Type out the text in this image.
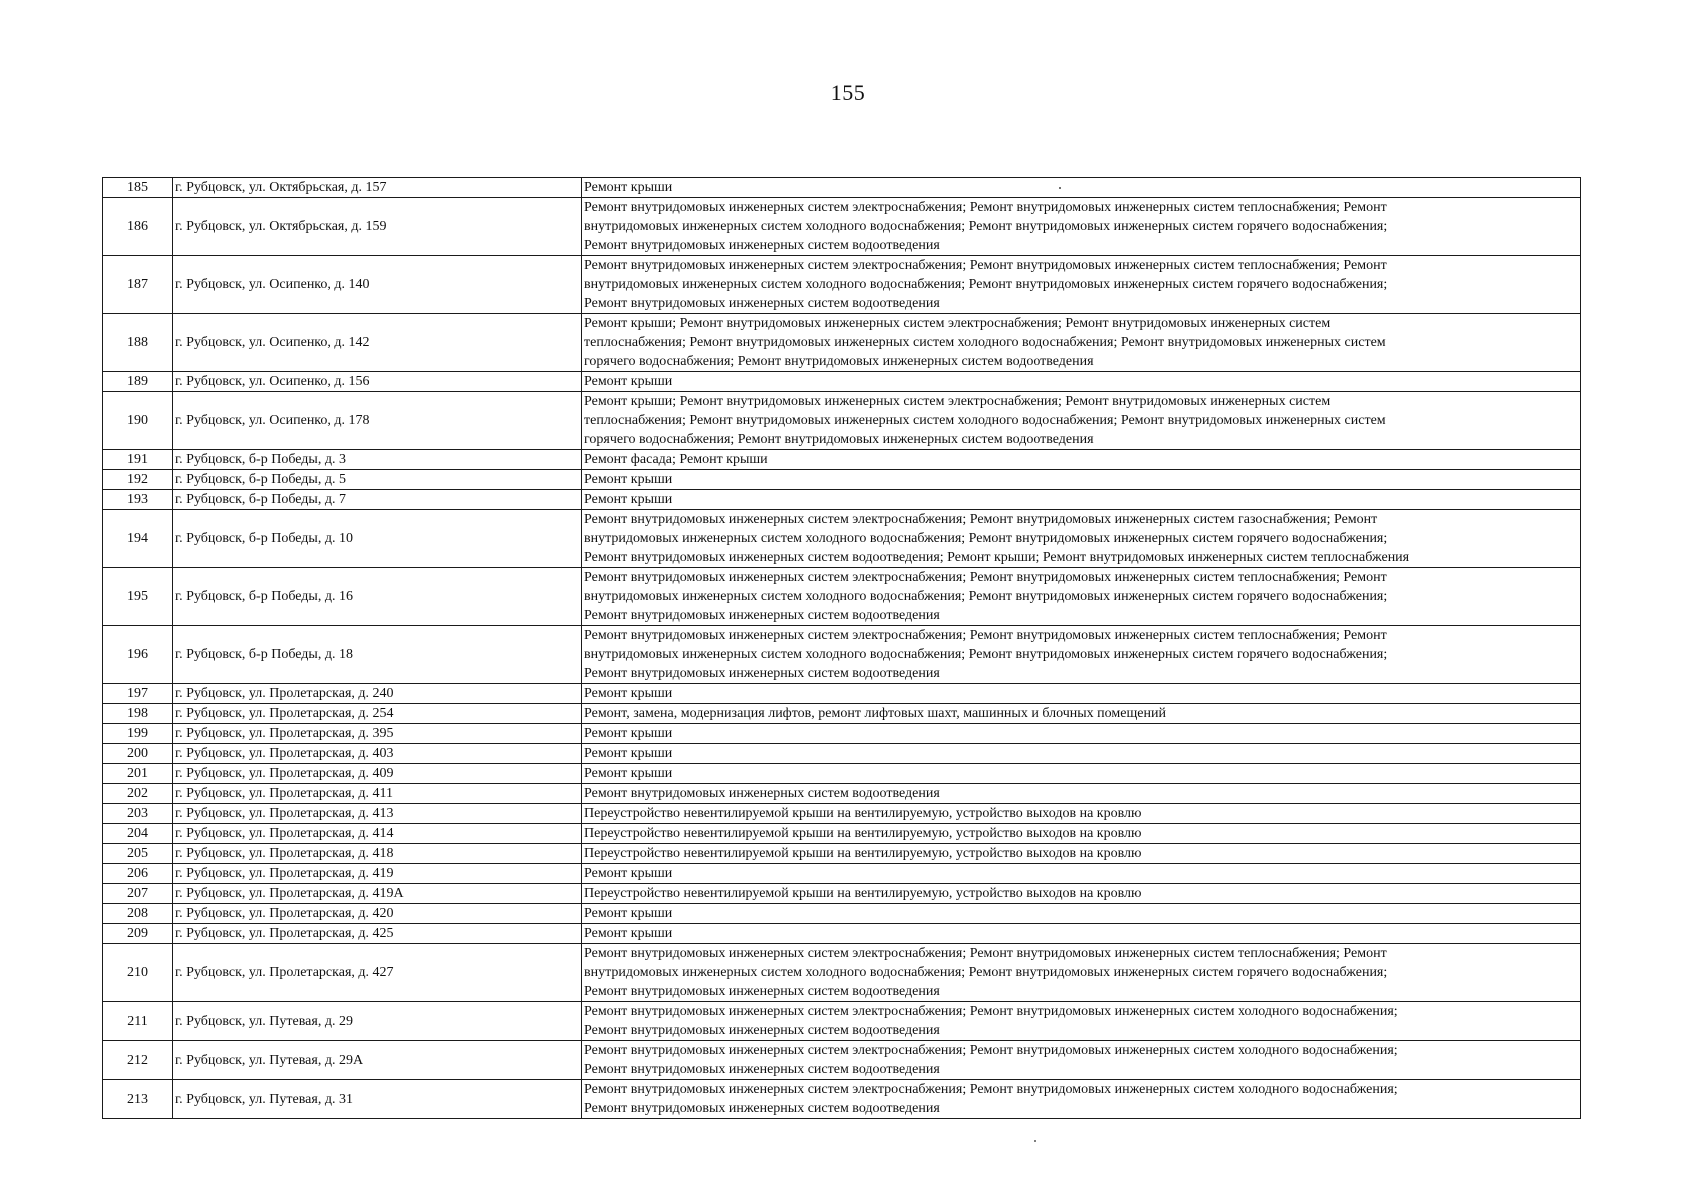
155
185	г. Рубцовск, ул. Октябрьская, д. 157	Ремонт крыши

186	г. Рубцовск, ул. Октябрьская, д. 159	Ремонт внутридомовых инженерных систем электроснабжения; Ремонт внутридомовых инженерных систем теплоснабжения; Ремонт
внутридомовых инженерных систем холодного водоснабжения; Ремонт внутридомовых инженерных систем горячего водоснабжения;
Ремонт внутридомовых инженерных систем водоотведения

187	г. Рубцовск, ул. Осипенко, д. 140	Ремонт внутридомовых инженерных систем электроснабжения; Ремонт внутридомовых инженерных систем теплоснабжения; Ремонт
внутридомовых инженерных систем холодного водоснабжения; Ремонт внутридомовых инженерных систем горячего водоснабжения;
Ремонт внутридомовых инженерных систем водоотведения

188	г. Рубцовск, ул. Осипенко, д. 142	Ремонт крыши; Ремонт внутридомовых инженерных систем электроснабжения; Ремонт внутридомовых инженерных систем
теплоснабжения; Ремонт внутридомовых инженерных систем холодного водоснабжения; Ремонт внутридомовых инженерных систем
горячего водоснабжения; Ремонт внутридомовых инженерных систем водоотведения

189	г. Рубцовск, ул. Осипенко, д. 156	Ремонт крыши

190	г. Рубцовск, ул. Осипенко, д. 178	Ремонт крыши; Ремонт внутридомовых инженерных систем электроснабжения; Ремонт внутридомовых инженерных систем
теплоснабжения; Ремонт внутридомовых инженерных систем холодного водоснабжения; Ремонт внутридомовых инженерных систем
горячего водоснабжения; Ремонт внутридомовых инженерных систем водоотведения

191	г. Рубцовск, б-р Победы, д. 3	Ремонт фасада; Ремонт крыши

192	г. Рубцовск, б-р Победы, д. 5	Ремонт крыши

193	г. Рубцовск, б-р Победы, д. 7	Ремонт крыши

194	г. Рубцовск, б-р Победы, д. 10	Ремонт внутридомовых инженерных систем электроснабжения; Ремонт внутридомовых инженерных систем газоснабжения; Ремонт
внутридомовых инженерных систем холодного водоснабжения; Ремонт внутридомовых инженерных систем горячего водоснабжения;
Ремонт внутридомовых инженерных систем водоотведения; Ремонт крыши; Ремонт внутридомовых инженерных систем теплоснабжения

195	г. Рубцовск, б-р Победы, д. 16	Ремонт внутридомовых инженерных систем электроснабжения; Ремонт внутридомовых инженерных систем теплоснабжения; Ремонт
внутридомовых инженерных систем холодного водоснабжения; Ремонт внутридомовых инженерных систем горячего водоснабжения;
Ремонт внутридомовых инженерных систем водоотведения

196	г. Рубцовск, б-р Победы, д. 18	Ремонт внутридомовых инженерных систем электроснабжения; Ремонт внутридомовых инженерных систем теплоснабжения; Ремонт
внутридомовых инженерных систем холодного водоснабжения; Ремонт внутридомовых инженерных систем горячего водоснабжения;
Ремонт внутридомовых инженерных систем водоотведения

197	г. Рубцовск, ул. Пролетарская, д. 240	Ремонт крыши

198	г. Рубцовск, ул. Пролетарская, д. 254	Ремонт, замена, модернизация лифтов, ремонт лифтовых шахт, машинных и блочных помещений

199	г. Рубцовск, ул. Пролетарская, д. 395	Ремонт крыши

200	г. Рубцовск, ул. Пролетарская, д. 403	Ремонт крыши

201	г. Рубцовск, ул. Пролетарская, д. 409	Ремонт крыши

202	г. Рубцовск, ул. Пролетарская, д. 411	Ремонт внутридомовых инженерных систем водоотведения

203	г. Рубцовск, ул. Пролетарская, д. 413	Переустройство невентилируемой крыши на вентилируемую, устройство выходов на кровлю

204	г. Рубцовск, ул. Пролетарская, д. 414	Переустройство невентилируемой крыши на вентилируемую, устройство выходов на кровлю

205	г. Рубцовск, ул. Пролетарская, д. 418	Переустройство невентилируемой крыши на вентилируемую, устройство выходов на кровлю

206	г. Рубцовск, ул. Пролетарская, д. 419	Ремонт крыши

207	г. Рубцовск, ул. Пролетарская, д. 419А	Переустройство невентилируемой крыши на вентилируемую, устройство выходов на кровлю

208	г. Рубцовск, ул. Пролетарская, д. 420	Ремонт крыши

209	г. Рубцовск, ул. Пролетарская, д. 425	Ремонт крыши

210	г. Рубцовск, ул. Пролетарская, д. 427	Ремонт внутридомовых инженерных систем электроснабжения; Ремонт внутридомовых инженерных систем теплоснабжения; Ремонт
внутридомовых инженерных систем холодного водоснабжения; Ремонт внутридомовых инженерных систем горячего водоснабжения;
Ремонт внутридомовых инженерных систем водоотведения

211	г. Рубцовск, ул. Путевая, д. 29	Ремонт внутридомовых инженерных систем электроснабжения; Ремонт внутридомовых инженерных систем холодного водоснабжения;
Ремонт внутридомовых инженерных систем водоотведения

212	г. Рубцовск, ул. Путевая, д. 29А	Ремонт внутридомовых инженерных систем электроснабжения; Ремонт внутридомовых инженерных систем холодного водоснабжения;
Ремонт внутридомовых инженерных систем водоотведения

213	г. Рубцовск, ул. Путевая, д. 31	Ремонт внутридомовых инженерных систем электроснабжения; Ремонт внутридомовых инженерных систем холодного водоснабжения;
Ремонт внутридомовых инженерных систем водоотведения
